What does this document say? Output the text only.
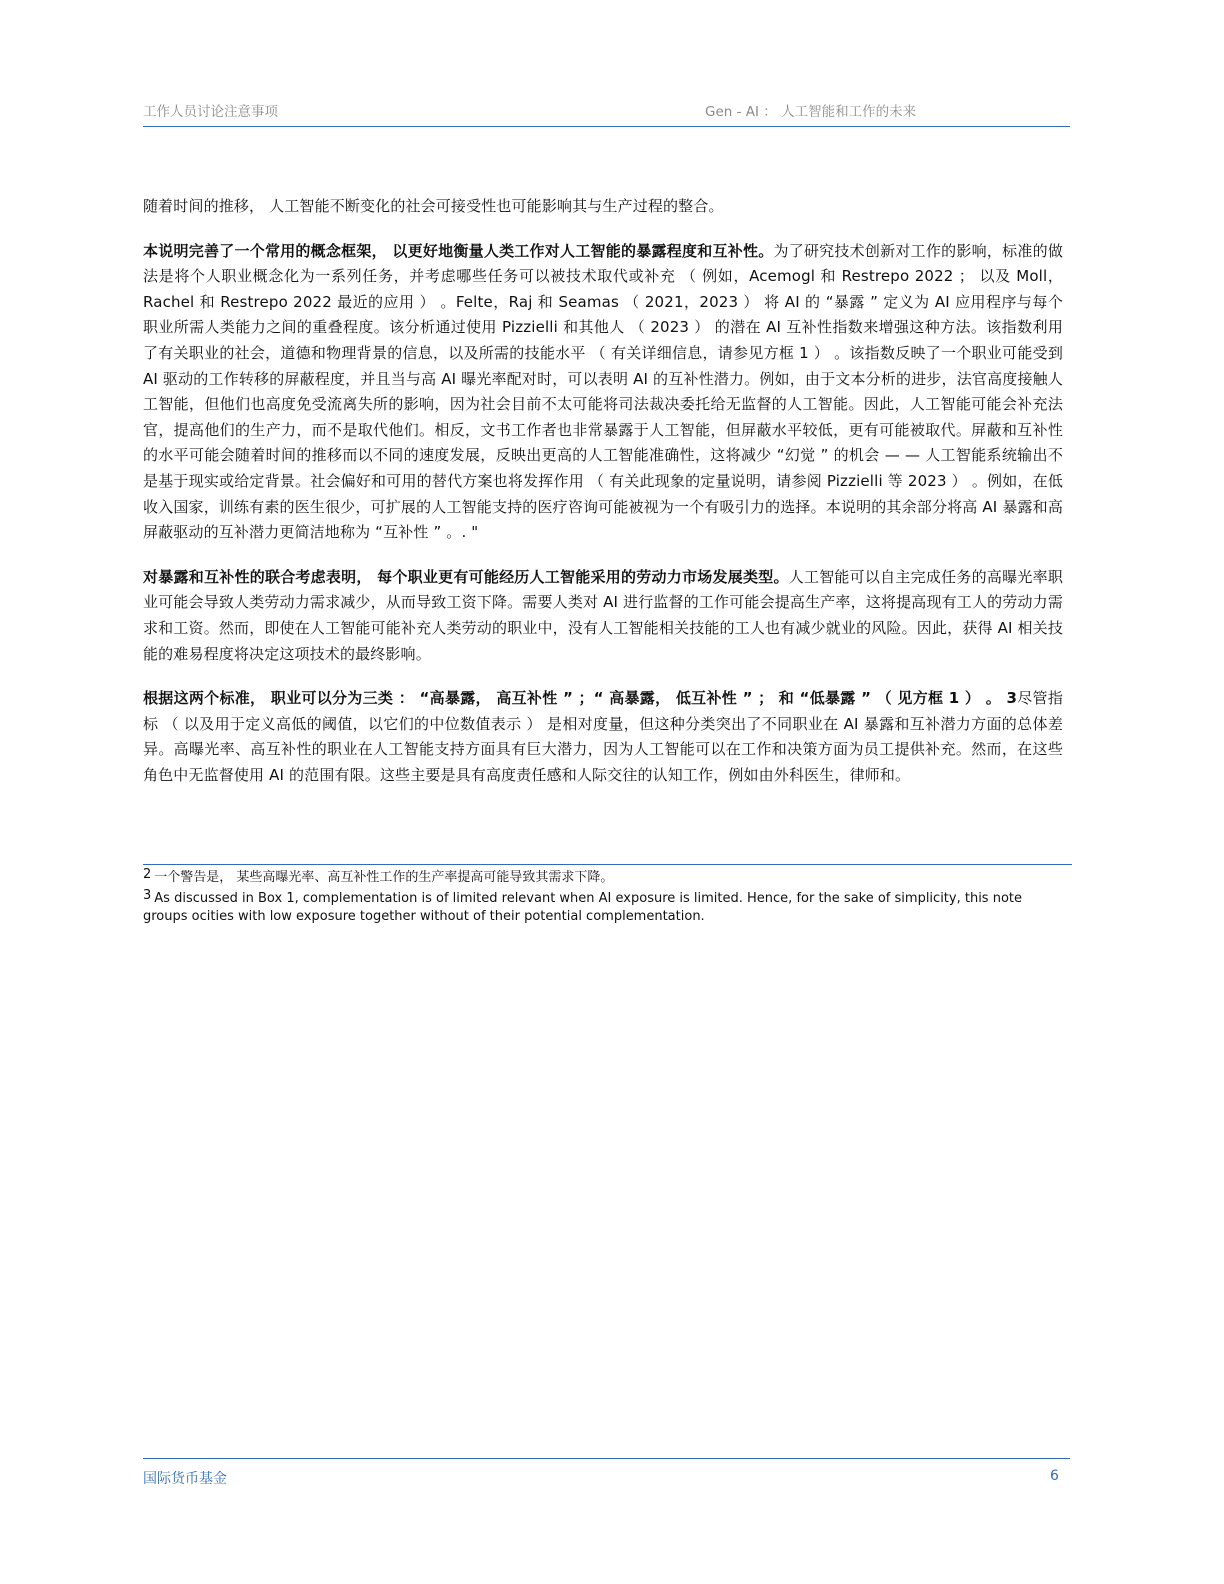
工作人员讨论注意事项	Gen - AI ： 人工智能和工作的未来

随着时间的推移， 人工智能不断变化的社会可接受性也可能影响其与生产过程的整合。

本说明完善了一个常用的概念框架， 以更好地衡量人类工作对人工智能的暴露程度和互补性。为了研究技术创新对工作的影响，标准的做法是将个人职业概念化为一系列任务，并考虑哪些任务可以被技术取代或补充 （ 例如，Acemogl 和 Restrepo 2022 ； 以及 Moll，Rachel 和 Restrepo 2022 最近的应用 ） 。Felte，Raj 和 Seamas （ 2021，2023 ） 将 AI 的 “暴露 ” 定义为 AI 应用程序与每个职业所需人类能力之间的重叠程度。该分析通过使用 Pizzielli 和其他人 （ 2023 ） 的潜在 AI 互补性指数来增强这种方法。该指数利用了有关职业的社会，道德和物理背景的信息，以及所需的技能水平 （ 有关详细信息，请参见方框 1 ） 。该指数反映了一个职业可能受到 AI 驱动的工作转移的屏蔽程度，并且当与高 AI 曝光率配对时，可以表明 AI 的互补性潜力。例如，由于文本分析的进步，法官高度接触人工智能，但他们也高度免受流离失所的影响，因为社会目前不太可能将司法裁决委托给无监督的人工智能。因此，人工智能可能会补充法官，提高他们的生产力，而不是取代他们。相反，文书工作者也非常暴露于人工智能，但屏蔽水平较低，更有可能被取代。屏蔽和互补性的水平可能会随着时间的推移而以不同的速度发展，反映出更高的人工智能准确性，这将减少 “幻觉 ” 的机会 — — 人工智能系统输出不是基于现实或给定背景。社会偏好和可用的替代方案也将发挥作用 （ 有关此现象的定量说明，请参阅 Pizzielli 等 2023 ） 。例如，在低收入国家，训练有素的医生很少，可扩展的人工智能支持的医疗咨询可能被视为一个有吸引力的选择。本说明的其余部分将高 AI 暴露和高屏蔽驱动的互补潜力更简洁地称为 “互补性 ” 。. "

对暴露和互补性的联合考虑表明， 每个职业更有可能经历人工智能采用的劳动力市场发展类型。人工智能可以自主完成任务的高曝光率职业可能会导致人类劳动力需求减少，从而导致工资下降。需要人类对 AI 进行监督的工作可能会提高生产率，这将提高现有工人的劳动力需求和工资。然而，即使在人工智能可能补充人类劳动的职业中，没有人工智能相关技能的工人也有减少就业的风险。因此，获得 AI 相关技能的难易程度将决定这项技术的最终影响。

根据这两个标准， 职业可以分为三类 ： “高暴露， 高互补性 ” ；“ 高暴露， 低互补性 ” ； 和 “低暴露 ” （ 见方框 1 ） 。 3尽管指标 （ 以及用于定义高低的阈值，以它们的中位数值表示 ） 是相对度量，但这种分类突出了不同职业在 AI 暴露和互补潜力方面的总体差异。高曝光率、高互补性的职业在人工智能支持方面具有巨大潜力，因为人工智能可以在工作和决策方面为员工提供补充。然而，在这些角色中无监督使用 AI 的范围有限。这些主要是具有高度责任感和人际交往的认知工作，例如由外科医生，律师和。

$^2$ 一个警告是， 某些高曝光率、高互补性工作的生产率提高可能导致其需求下降。

$^3$ As discussed in Box 1, complementation is of limited relevant when AI exposure is limited. Hence, for the sake of simplicity, this note groups ocities with low exposure together without of their potential complementation.

国际货币基金	6
